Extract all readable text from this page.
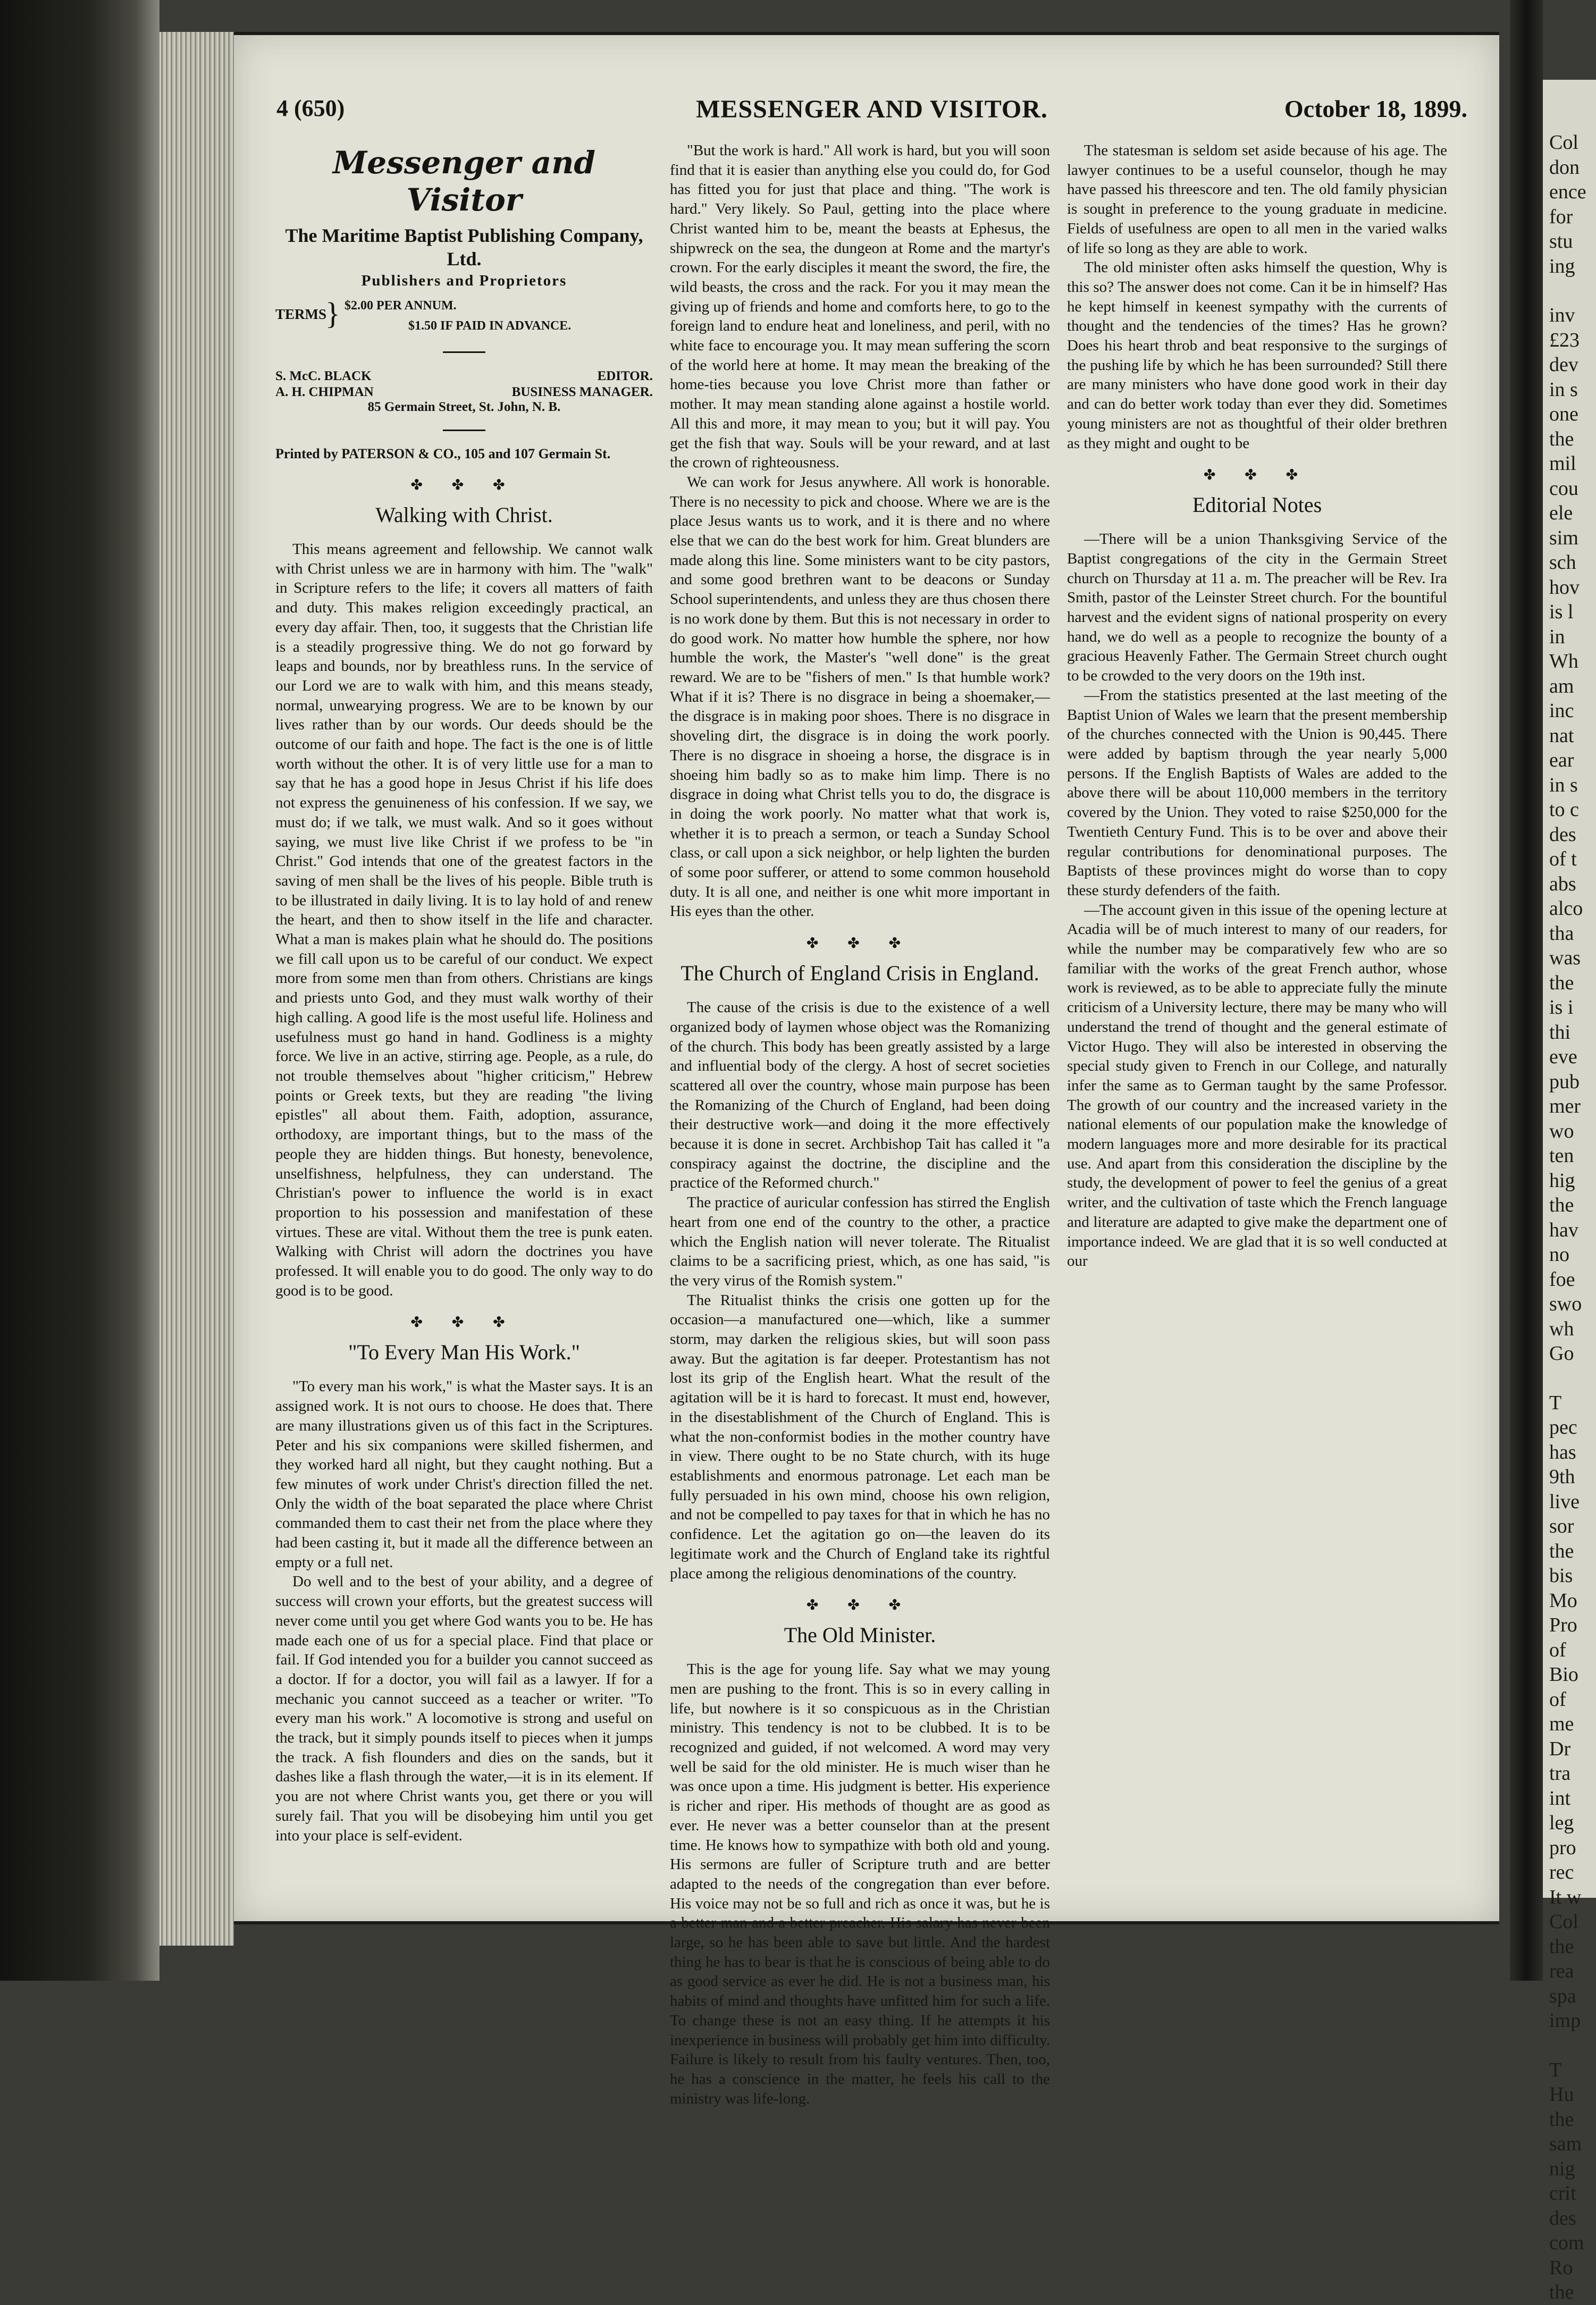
Col
don
ence
for
stu
ing
inv
£23
dev
in s
one
the
mil
cou
ele
sim
sch
hov
is l
in
Wh
am
inc
nat
ear
in s
to c
des
of t
abs
alco
tha
was
the
is i
thi
eve
pub
mer
wo
ten
hig
the
hav
no
foe
swo
wh
Go
T
pec
has
9th
live
sor
the
bis
Mo
Pro
of
Bio
of
me
Dr
tra
int
leg
pro
rec
It w
Col
the
rea
spa
imp
T
Hu
the
sam
nig
crit
des
com
Ro
the
4 (650)	MESSENGER AND VISITOR.	October 18, 1899.
Messenger and Visitor
The Maritime Baptist Publishing Company, Ltd.
Publishers and Proprietors
TERMS
} $2.00 PER ANNUM.
$1.50 IF PAID IN ADVANCE.
S. McC. BLACK	EDITOR.
A. H. CHIPMAN	BUSINESS MANAGER.
85 Germain Street, St. John, N. B.
Printed by PATERSON & CO., 105 and 107 Germain St.
✤ ✤ ✤
Walking with Christ.

This means agreement and fellowship. We cannot walk with Christ unless we are in harmony with him. The "walk" in Scripture refers to the life; it covers all matters of faith and duty. This makes religion exceedingly practical, an every day affair. Then, too, it suggests that the Christian life is a steadily progressive thing. We do not go forward by leaps and bounds, nor by breathless runs. In the service of our Lord we are to walk with him, and this means steady, normal, unwearying progress. We are to be known by our lives rather than by our words. Our deeds should be the outcome of our faith and hope. The fact is the one is of little worth without the other. It is of very little use for a man to say that he has a good hope in Jesus Christ if his life does not express the genuineness of his confession. If we say, we must do; if we talk, we must walk. And so it goes without saying, we must live like Christ if we profess to be "in Christ." God intends that one of the greatest factors in the saving of men shall be the lives of his people. Bible truth is to be illustrated in daily living. It is to lay hold of and renew the heart, and then to show itself in the life and character. What a man is makes plain what he should do. The positions we fill call upon us to be careful of our conduct. We expect more from some men than from others. Christians are kings and priests unto God, and they must walk worthy of their high calling. A good life is the most useful life. Holiness and usefulness must go hand in hand. Godliness is a mighty force. We live in an active, stirring age. People, as a rule, do not trouble themselves about "higher criticism," Hebrew points or Greek texts, but they are reading "the living epistles" all about them. Faith, adoption, assurance, orthodoxy, are important things, but to the mass of the people they are hidden things. But honesty, benevolence, unselfishness, helpfulness, they can understand. The Christian's power to influence the world is in exact proportion to his possession and manifestation of these virtues. These are vital. Without them the tree is punk eaten. Walking with Christ will adorn the doctrines you have professed. It will enable you to do good. The only way to do good is to be good.

✤ ✤ ✤
"To Every Man His Work."

"To every man his work," is what the Master says. It is an assigned work. It is not ours to choose. He does that. There are many illustrations given us of this fact in the Scriptures. Peter and his six companions were skilled fishermen, and they worked hard all night, but they caught nothing. But a few minutes of work under Christ's direction filled the net. Only the width of the boat separated the place where Christ commanded them to cast their net from the place where they had been casting it, but it made all the difference between an empty or a full net.

Do well and to the best of your ability, and a degree of success will crown your efforts, but the greatest success will never come until you get where God wants you to be. He has made each one of us for a special place. Find that place or fail. If God intended you for a builder you cannot succeed as a doctor. If for a doctor, you will fail as a lawyer. If for a mechanic you cannot succeed as a teacher or writer. "To every man his work." A locomotive is strong and useful on the track, but it simply pounds itself to pieces when it jumps the track. A fish flounders and dies on the sands, but it dashes like a flash through the water,—it is in its element. If you are not where Christ wants you, get there or you will surely fail. That you will be disobeying him until you get into your place is self-evident.

"But the work is hard." All work is hard, but you will soon find that it is easier than anything else you could do, for God has fitted you for just that place and thing. "The work is hard." Very likely. So Paul, getting into the place where Christ wanted him to be, meant the beasts at Ephesus, the shipwreck on the sea, the dungeon at Rome and the martyr's crown. For the early disciples it meant the sword, the fire, the wild beasts, the cross and the rack. For you it may mean the giving up of friends and home and comforts here, to go to the foreign land to endure heat and loneliness, and peril, with no white face to encourage you. It may mean suffering the scorn of the world here at home. It may mean the breaking of the home-ties because you love Christ more than father or mother. It may mean standing alone against a hostile world. All this and more, it may mean to you; but it will pay. You get the fish that way. Souls will be your reward, and at last the crown of righteousness.

We can work for Jesus anywhere. All work is honorable. There is no necessity to pick and choose. Where we are is the place Jesus wants us to work, and it is there and no where else that we can do the best work for him. Great blunders are made along this line. Some ministers want to be city pastors, and some good brethren want to be deacons or Sunday School superintendents, and unless they are thus chosen there is no work done by them. But this is not necessary in order to do good work. No matter how humble the sphere, nor how humble the work, the Master's "well done" is the great reward. We are to be "fishers of men." Is that humble work? What if it is? There is no disgrace in being a shoemaker,—the disgrace is in making poor shoes. There is no disgrace in shoveling dirt, the disgrace is in doing the work poorly. There is no disgrace in shoeing a horse, the disgrace is in shoeing him badly so as to make him limp. There is no disgrace in doing what Christ tells you to do, the disgrace is in doing the work poorly. No matter what that work is, whether it is to preach a sermon, or teach a Sunday School class, or call upon a sick neighbor, or help lighten the burden of some poor sufferer, or attend to some common household duty. It is all one, and neither is one whit more important in His eyes than the other.

✤ ✤ ✤
The Church of England Crisis in England.

The cause of the crisis is due to the existence of a well organized body of laymen whose object was the Romanizing of the church. This body has been greatly assisted by a large and influential body of the clergy. A host of secret societies scattered all over the country, whose main purpose has been the Romanizing of the Church of England, had been doing their destructive work—and doing it the more effectively because it is done in secret. Archbishop Tait has called it "a conspiracy against the doctrine, the discipline and the practice of the Reformed church."

The practice of auricular confession has stirred the English heart from one end of the country to the other, a practice which the English nation will never tolerate. The Ritualist claims to be a sacrificing priest, which, as one has said, "is the very virus of the Romish system."

The Ritualist thinks the crisis one gotten up for the occasion—a manufactured one—which, like a summer storm, may darken the religious skies, but will soon pass away. But the agitation is far deeper. Protestantism has not lost its grip of the English heart. What the result of the agitation will be it is hard to forecast. It must end, however, in the disestablishment of the Church of England. This is what the non-conformist bodies in the mother country have in view. There ought to be no State church, with its huge establishments and enormous patronage. Let each man be fully persuaded in his own mind, choose his own religion, and not be compelled to pay taxes for that in which he has no confidence. Let the agitation go on—the leaven do its legitimate work and the Church of England take its rightful place among the religious denominations of the country.

✤ ✤ ✤
The Old Minister.

This is the age for young life. Say what we may young men are pushing to the front. This is so in every calling in life, but nowhere is it so conspicuous as in the Christian ministry. This tendency is not to be clubbed. It is to be recognized and guided, if not welcomed. A word may very well be said for the old minister. He is much wiser than he was once upon a time. His judgment is better. His experience is richer and riper. His methods of thought are as good as ever. He never was a better counselor than at the present time. He knows how to sympathize with both old and young. His sermons are fuller of Scripture truth and are better adapted to the needs of the congregation than ever before. His voice may not be so full and rich as once it was, but he is a better man and a better preacher. His salary has never been large, so he has been able to save but little. And the hardest thing he has to bear is that he is conscious of being able to do as good service as ever he did. He is not a business man, his habits of mind and thoughts have unfitted him for such a life. To change these is not an easy thing. If he attempts it his inexperience in business will probably get him into difficulty. Failure is likely to result from his faulty ventures. Then, too, he has a conscience in the matter, he feels his call to the ministry was life-long.

The statesman is seldom set aside because of his age. The lawyer continues to be a useful counselor, though he may have passed his threescore and ten. The old family physician is sought in preference to the young graduate in medicine. Fields of usefulness are open to all men in the varied walks of life so long as they are able to work.

The old minister often asks himself the question, Why is this so? The answer does not come. Can it be in himself? Has he kept himself in keenest sympathy with the currents of thought and the tendencies of the times? Has he grown? Does his heart throb and beat responsive to the surgings of the pushing life by which he has been surrounded? Still there are many ministers who have done good work in their day and can do better work today than ever they did. Sometimes young ministers are not as thoughtful of their older brethren as they might and ought to be

✤ ✤ ✤
Editorial Notes

—There will be a union Thanksgiving Service of the Baptist congregations of the city in the Germain Street church on Thursday at 11 a. m. The preacher will be Rev. Ira Smith, pastor of the Leinster Street church. For the bountiful harvest and the evident signs of national prosperity on every hand, we do well as a people to recognize the bounty of a gracious Heavenly Father. The Germain Street church ought to be crowded to the very doors on the 19th inst.

—From the statistics presented at the last meeting of the Baptist Union of Wales we learn that the present membership of the churches connected with the Union is 90,445. There were added by baptism through the year nearly 5,000 persons. If the English Baptists of Wales are added to the above there will be about 110,000 members in the territory covered by the Union. They voted to raise $250,000 for the Twentieth Century Fund. This is to be over and above their regular contributions for denominational purposes. The Baptists of these provinces might do worse than to copy these sturdy defenders of the faith.

—The account given in this issue of the opening lecture at Acadia will be of much interest to many of our readers, for while the number may be comparatively few who are so familiar with the works of the great French author, whose work is reviewed, as to be able to appreciate fully the minute criticism of a University lecture, there may be many who will understand the trend of thought and the general estimate of Victor Hugo. They will also be interested in observing the special study given to French in our College, and naturally infer the same as to German taught by the same Professor. The growth of our country and the increased variety in the national elements of our population make the knowledge of modern languages more and more desirable for its practical use. And apart from this consideration the discipline by the study, the development of power to feel the genius of a great writer, and the cultivation of taste which the French language and literature are adapted to give make the department one of importance indeed. We are glad that it is so well conducted at our
